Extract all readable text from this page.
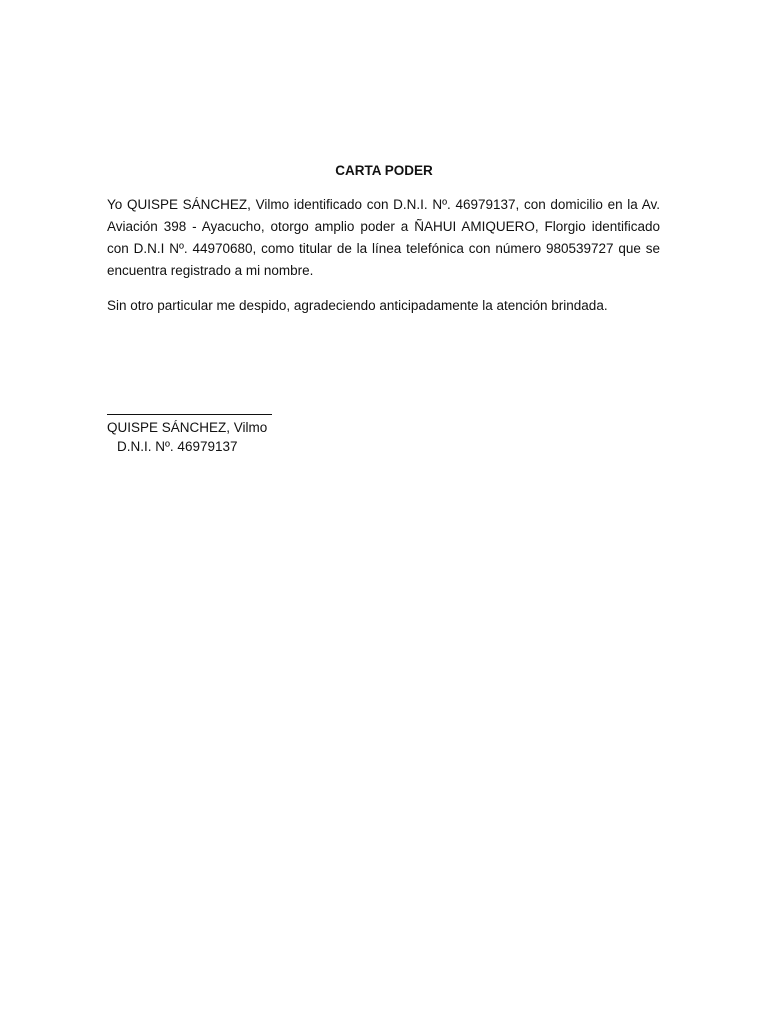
CARTA PODER
Yo QUISPE SÁNCHEZ, Vilmo identificado con D.N.I. Nº. 46979137, con domicilio en la Av.
Aviación 398 - Ayacucho, otorgo amplio poder a ÑAHUI AMIQUERO, Florgio identificado
con D.N.I Nº. 44970680, como titular de la línea telefónica con número 980539727 que se
encuentra registrado a mi nombre.
Sin otro particular me despido, agradeciendo anticipadamente la atención brindada.
QUISPE SÁNCHEZ, Vilmo
D.N.I. Nº. 46979137
